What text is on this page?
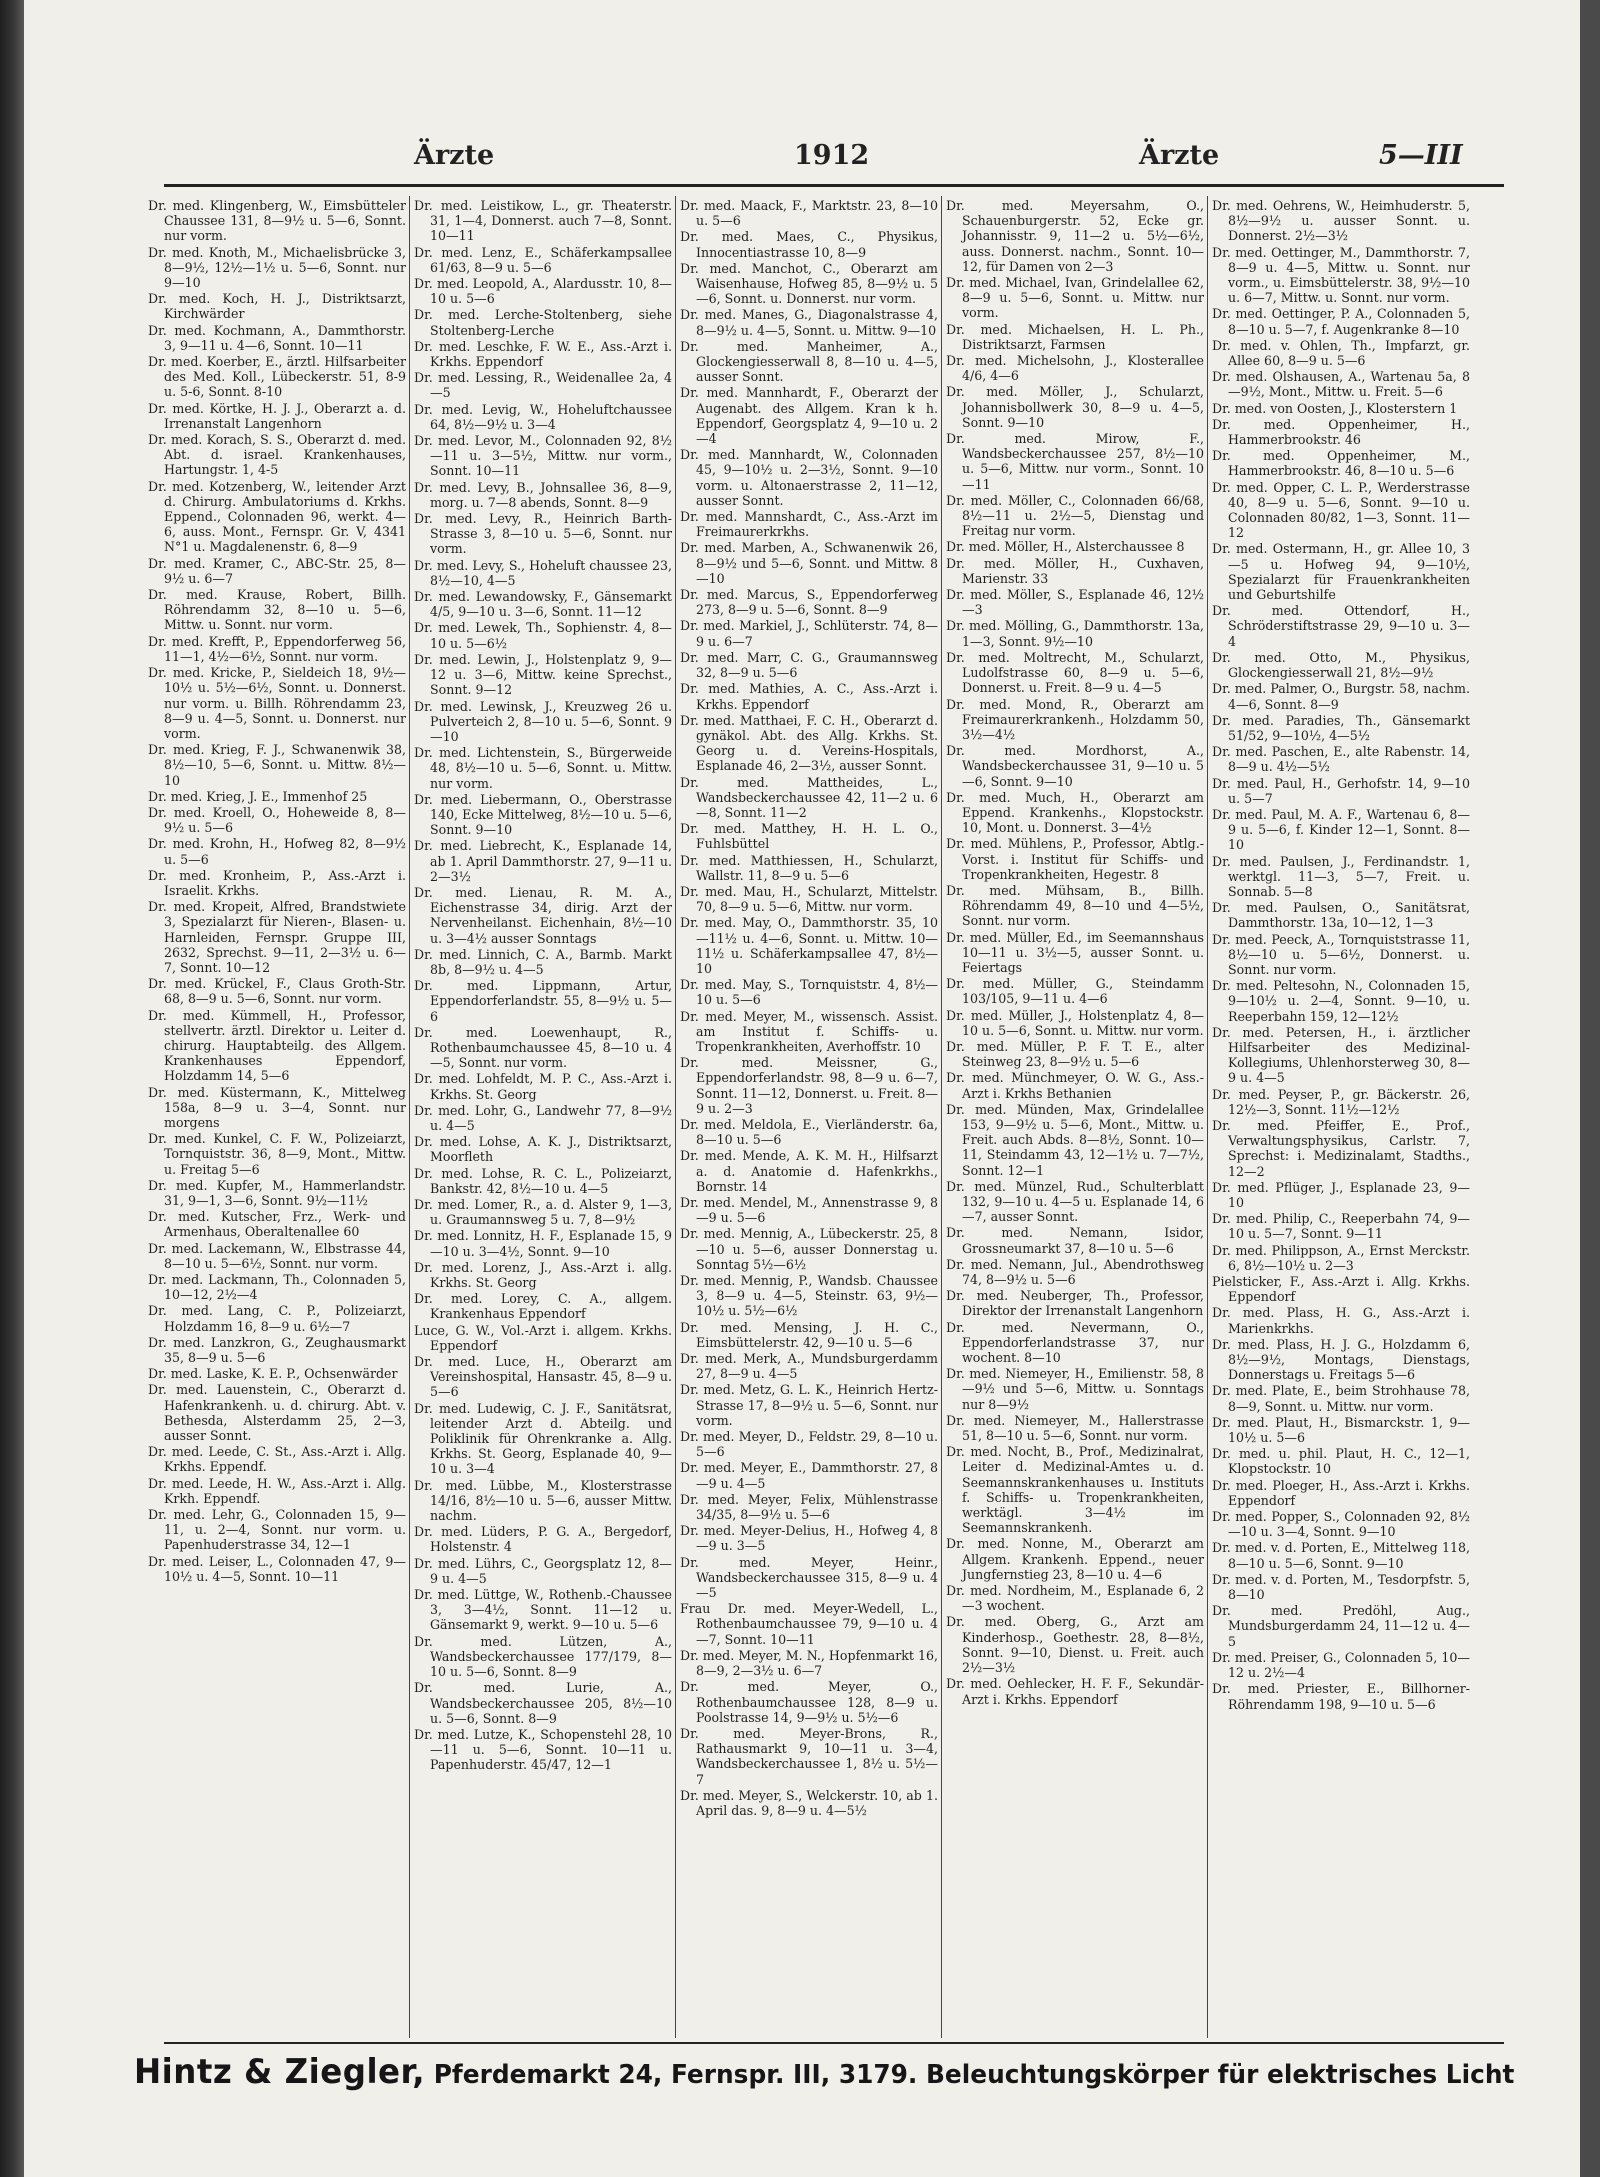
Ärzte	1912	Ärzte	5—III

Dr. med. Klingenberg, W., Eimsbütteler Chaussee 131, 8—9½ u. 5—6, Sonnt. nur vorm.

Dr. med. Knoth, M., Michaelisbrücke 3, 8—9½, 12½—1½ u. 5—6, Sonnt. nur 9—10

Dr. med. Koch, H. J., Distriktsarzt, Kirchwärder

Dr. med. Kochmann, A., Dammthorstr. 3, 9—11 u. 4—6, Sonnt. 10—11

Dr. med. Koerber, E., ärztl. Hilfsarbeiter des Med. Koll., Lübeckerstr. 51, 8-9 u. 5-6, Sonnt. 8-10

Dr. med. Körtke, H. J. J., Oberarzt a. d. Irrenanstalt Langenhorn

Dr. med. Korach, S. S., Oberarzt d. med. Abt. d. israel. Krankenhauses, Hartungstr. 1, 4-5

Dr. med. Kotzenberg, W., leitender Arzt d. Chirurg. Ambulatoriums d. Krkhs. Eppend., Colonnaden 96, werkt. 4—6, auss. Mont., Fernspr. Gr. V, 4341 N°1 u. Magdalenenstr. 6, 8—9

Dr. med. Kramer, C., ABC-Str. 25, 8—9½ u. 6—7

Dr. med. Krause, Robert, Billh. Röhrendamm 32, 8—10 u. 5—6, Mittw. u. Sonnt. nur vorm.

Dr. med. Krefft, P., Eppendorferweg 56, 11—1, 4½—6½, Sonnt. nur vorm.

Dr. med. Kricke, P., Sieldeich 18, 9½—10½ u. 5½—6½, Sonnt. u. Donnerst. nur vorm. u. Billh. Röhrendamm 23, 8—9 u. 4—5, Sonnt. u. Donnerst. nur vorm.

Dr. med. Krieg, F. J., Schwanenwik 38, 8½—10, 5—6, Sonnt. u. Mittw. 8½—10

Dr. med. Krieg, J. E., Immenhof 25

Dr. med. Kroell, O., Hoheweide 8, 8—9½ u. 5—6

Dr. med. Krohn, H., Hofweg 82, 8—9½ u. 5—6

Dr. med. Kronheim, P., Ass.-Arzt i. Israelit. Krkhs.

Dr. med. Kropeit, Alfred, Brandstwiete 3, Spezialarzt für Nieren-, Blasen- u. Harnleiden, Fernspr. Gruppe III, 2632, Sprechst. 9—11, 2—3½ u. 6—7, Sonnt. 10—12

Dr. med. Krückel, F., Claus Groth-Str. 68, 8—9 u. 5—6, Sonnt. nur vorm.

Dr. med. Kümmell, H., Professor, stellvertr. ärztl. Direktor u. Leiter d. chirurg. Hauptabteilg. des Allgem. Krankenhauses Eppendorf, Holzdamm 14, 5—6

Dr. med. Küstermann, K., Mittelweg 158a, 8—9 u. 3—4, Sonnt. nur morgens

Dr. med. Kunkel, C. F. W., Polizeiarzt, Tornquiststr. 36, 8—9, Mont., Mittw. u. Freitag 5—6

Dr. med. Kupfer, M., Hammerlandstr. 31, 9—1, 3—6, Sonnt. 9½—11½

Dr. med. Kutscher, Frz., Werk- und Armenhaus, Oberaltenallee 60

Dr. med. Lackemann, W., Elbstrasse 44, 8—10 u. 5—6½, Sonnt. nur vorm.

Dr. med. Lackmann, Th., Colonnaden 5, 10—12, 2½—4

Dr. med. Lang, C. P., Polizeiarzt, Holzdamm 16, 8—9 u. 6½—7

Dr. med. Lanzkron, G., Zeughausmarkt 35, 8—9 u. 5—6

Dr. med. Laske, K. E. P., Ochsenwärder

Dr. med. Lauenstein, C., Oberarzt d. Hafenkrankenh. u. d. chirurg. Abt. v. Bethesda, Alsterdamm 25, 2—3, ausser Sonnt.

Dr. med. Leede, C. St., Ass.-Arzt i. Allg. Krkhs. Eppendf.

Dr. med. Leede, H. W., Ass.-Arzt i. Allg. Krkh. Eppendf.

Dr. med. Lehr, G., Colonnaden 15, 9—11, u. 2—4, Sonnt. nur vorm. u. Papenhuderstrasse 34, 12—1

Dr. med. Leiser, L., Colonnaden 47, 9—10½ u. 4—5, Sonnt. 10—11

Dr. med. Leistikow, L., gr. Theaterstr. 31, 1—4, Donnerst. auch 7—8, Sonnt. 10—11

Dr. med. Lenz, E., Schäferkampsallee 61/63, 8—9 u. 5—6

Dr. med. Leopold, A., Alardusstr. 10, 8—10 u. 5—6

Dr. med. Lerche-Stoltenberg, siehe Stoltenberg-Lerche

Dr. med. Leschke, F. W. E., Ass.-Arzt i. Krkhs. Eppendorf

Dr. med. Lessing, R., Weidenallee 2a, 4—5

Dr. med. Levig, W., Hoheluftchaussee 64, 8½—9½ u. 3—4

Dr. med. Levor, M., Colonnaden 92, 8½—11 u. 3—5½, Mittw. nur vorm., Sonnt. 10—11

Dr. med. Levy, B., Johnsallee 36, 8—9, morg. u. 7—8 abends, Sonnt. 8—9

Dr. med. Levy, R., Heinrich Barth-Strasse 3, 8—10 u. 5—6, Sonnt. nur vorm.

Dr. med. Levy, S., Hoheluft chaussee 23, 8½—10, 4—5

Dr. med. Lewandowsky, F., Gänsemarkt 4/5, 9—10 u. 3—6, Sonnt. 11—12

Dr. med. Lewek, Th., Sophienstr. 4, 8—10 u. 5—6½

Dr. med. Lewin, J., Holstenplatz 9, 9—12 u. 3—6, Mittw. keine Sprechst., Sonnt. 9—12

Dr. med. Lewinsk, J., Kreuzweg 26 u. Pulverteich 2, 8—10 u. 5—6, Sonnt. 9—10

Dr. med. Lichtenstein, S., Bürgerweide 48, 8½—10 u. 5—6, Sonnt. u. Mittw. nur vorm.

Dr. med. Liebermann, O., Oberstrasse 140, Ecke Mittelweg, 8½—10 u. 5—6, Sonnt. 9—10

Dr. med. Liebrecht, K., Esplanade 14, ab 1. April Dammthorstr. 27, 9—11 u. 2—3½

Dr. med. Lienau, R. M. A., Eichenstrasse 34, dirig. Arzt der Nervenheilanst. Eichenhain, 8½—10 u. 3—4½ ausser Sonntags

Dr. med. Linnich, C. A., Barmb. Markt 8b, 8—9½ u. 4—5

Dr. med. Lippmann, Artur, Eppendorferlandstr. 55, 8—9½ u. 5—6

Dr. med. Loewenhaupt, R., Rothenbaumchaussee 45, 8—10 u. 4—5, Sonnt. nur vorm.

Dr. med. Lohfeldt, M. P. C., Ass.-Arzt i. Krkhs. St. Georg

Dr. med. Lohr, G., Landwehr 77, 8—9½ u. 4—5

Dr. med. Lohse, A. K. J., Distriktsarzt, Moorfleth

Dr. med. Lohse, R. C. L., Polizeiarzt, Bankstr. 42, 8½—10 u. 4—5

Dr. med. Lomer, R., a. d. Alster 9, 1—3, u. Graumannsweg 5 u. 7, 8—9½

Dr. med. Lonnitz, H. F., Esplanade 15, 9—10 u. 3—4½, Sonnt. 9—10

Dr. med. Lorenz, J., Ass.-Arzt i. allg. Krkhs. St. Georg

Dr. med. Lorey, C. A., allgem. Krankenhaus Eppendorf

Luce, G. W., Vol.-Arzt i. allgem. Krkhs. Eppendorf

Dr. med. Luce, H., Oberarzt am Vereinshospital, Hansastr. 45, 8—9 u. 5—6

Dr. med. Ludewig, C. J. F., Sanitätsrat, leitender Arzt d. Abteilg. und Poliklinik für Ohrenkranke a. Allg. Krkhs. St. Georg, Esplanade 40, 9—10 u. 3—4

Dr. med. Lübbe, M., Klosterstrasse 14/16, 8½—10 u. 5—6, ausser Mittw. nachm.

Dr. med. Lüders, P. G. A., Bergedorf, Holstenstr. 4

Dr. med. Lührs, C., Georgsplatz 12, 8—9 u. 4—5

Dr. med. Lüttge, W., Rothenb.-Chaussee 3, 3—4½, Sonnt. 11—12 u. Gänsemarkt 9, werkt. 9—10 u. 5—6

Dr. med. Lützen, A., Wandsbeckerchaussee 177/179, 8—10 u. 5—6, Sonnt. 8—9

Dr. med. Lurie, A., Wandsbeckerchaussee 205, 8½—10 u. 5—6, Sonnt. 8—9

Dr. med. Lutze, K., Schopenstehl 28, 10—11 u. 5—6, Sonnt. 10—11 u. Papenhuderstr. 45/47, 12—1

Dr. med. Maack, F., Marktstr. 23, 8—10 u. 5—6

Dr. med. Maes, C., Physikus, Innocentiastrasse 10, 8—9

Dr. med. Manchot, C., Oberarzt am Waisenhause, Hofweg 85, 8—9½ u. 5—6, Sonnt. u. Donnerst. nur vorm.

Dr. med. Manes, G., Diagonalstrasse 4, 8—9½ u. 4—5, Sonnt. u. Mittw. 9—10

Dr. med. Manheimer, A., Glockengiesserwall 8, 8—10 u. 4—5, ausser Sonnt.

Dr. med. Mannhardt, F., Oberarzt der Augenabt. des Allgem. Kran k h. Eppendorf, Georgsplatz 4, 9—10 u. 2—4

Dr. med. Mannhardt, W., Colonnaden 45, 9—10½ u. 2—3½, Sonnt. 9—10 vorm. u. Altonaerstrasse 2, 11—12, ausser Sonnt.

Dr. med. Mannshardt, C., Ass.-Arzt im Freimaurerkrkhs.

Dr. med. Marben, A., Schwanenwik 26, 8—9½ und 5—6, Sonnt. und Mittw. 8—10

Dr. med. Marcus, S., Eppendorferweg 273, 8—9 u. 5—6, Sonnt. 8—9

Dr. med. Markiel, J., Schlüterstr. 74, 8—9 u. 6—7

Dr. med. Marr, C. G., Graumannsweg 32, 8—9 u. 5—6

Dr. med. Mathies, A. C., Ass.-Arzt i. Krkhs. Eppendorf

Dr. med. Matthaei, F. C. H., Oberarzt d. gynäkol. Abt. des Allg. Krkhs. St. Georg u. d. Vereins-Hospitals, Esplanade 46, 2—3½, ausser Sonnt.

Dr. med. Mattheides, L., Wandsbeckerchaussee 42, 11—2 u. 6—8, Sonnt. 11—2

Dr. med. Matthey, H. H. L. O., Fuhlsbüttel

Dr. med. Matthiessen, H., Schularzt, Wallstr. 11, 8—9 u. 5—6

Dr. med. Mau, H., Schularzt, Mittelstr. 70, 8—9 u. 5—6, Mittw. nur vorm.

Dr. med. May, O., Dammthorstr. 35, 10—11½ u. 4—6, Sonnt. u. Mittw. 10—11½ u. Schäferkampsallee 47, 8½—10

Dr. med. May, S., Tornquiststr. 4, 8½—10 u. 5—6

Dr. med. Meyer, M., wissensch. Assist. am Institut f. Schiffs- u. Tropenkrankheiten, Averhoffstr. 10

Dr. med. Meissner, G., Eppendorferlandstr. 98, 8—9 u. 6—7, Sonnt. 11—12, Donnerst. u. Freit. 8—9 u. 2—3

Dr. med. Meldola, E., Vierländerstr. 6a, 8—10 u. 5—6

Dr. med. Mende, A. K. M. H., Hilfsarzt a. d. Anatomie d. Hafenkrkhs., Bornstr. 14

Dr. med. Mendel, M., Annenstrasse 9, 8—9 u. 5—6

Dr. med. Mennig, A., Lübeckerstr. 25, 8—10 u. 5—6, ausser Donnerstag u. Sonntag 5½—6½

Dr. med. Mennig, P., Wandsb. Chaussee 3, 8—9 u. 4—5, Steinstr. 63, 9½—10½ u. 5½—6½

Dr. med. Mensing, J. H. C., Eimsbüttelerstr. 42, 9—10 u. 5—6

Dr. med. Merk, A., Mundsburgerdamm 27, 8—9 u. 4—5

Dr. med. Metz, G. L. K., Heinrich Hertz-Strasse 17, 8—9½ u. 5—6, Sonnt. nur vorm.

Dr. med. Meyer, D., Feldstr. 29, 8—10 u. 5—6

Dr. med. Meyer, E., Dammthorstr. 27, 8—9 u. 4—5

Dr. med. Meyer, Felix, Mühlenstrasse 34/35, 8—9½ u. 5—6

Dr. med. Meyer-Delius, H., Hofweg 4, 8—9 u. 3—5

Dr. med. Meyer, Heinr., Wandsbeckerchaussee 315, 8—9 u. 4—5

Frau Dr. med. Meyer-Wedell, L., Rothenbaumchaussee 79, 9—10 u. 4—7, Sonnt. 10—11

Dr. med. Meyer, M. N., Hopfenmarkt 16, 8—9, 2—3½ u. 6—7

Dr. med. Meyer, O., Rothenbaumchaussee 128, 8—9 u. Poolstrasse 14, 9—9½ u. 5½—6

Dr. med. Meyer-Brons, R., Rathausmarkt 9, 10—11 u. 3—4, Wandsbeckerchaussee 1, 8½ u. 5½—7

Dr. med. Meyer, S., Welckerstr. 10, ab 1. April das. 9, 8—9 u. 4—5½

Dr. med. Meyersahm, O., Schauenburgerstr. 52, Ecke gr. Johannisstr. 9, 11—2 u. 5½—6½, auss. Donnerst. nachm., Sonnt. 10—12, für Damen von 2—3

Dr. med. Michael, Ivan, Grindelallee 62, 8—9 u. 5—6, Sonnt. u. Mittw. nur vorm.

Dr. med. Michaelsen, H. L. Ph., Distriktsarzt, Farmsen

Dr. med. Michelsohn, J., Klosterallee 4/6, 4—6

Dr. med. Möller, J., Schularzt, Johannisbollwerk 30, 8—9 u. 4—5, Sonnt. 9—10

Dr. med. Mirow, F., Wandsbeckerchaussee 257, 8½—10 u. 5—6, Mittw. nur vorm., Sonnt. 10—11

Dr. med. Möller, C., Colonnaden 66/68, 8½—11 u. 2½—5, Dienstag und Freitag nur vorm.

Dr. med. Möller, H., Alsterchaussee 8

Dr. med. Möller, H., Cuxhaven, Marienstr. 33

Dr. med. Möller, S., Esplanade 46, 12½—3

Dr. med. Mölling, G., Dammthorstr. 13a, 1—3, Sonnt. 9½—10

Dr. med. Moltrecht, M., Schularzt, Ludolfstrasse 60, 8—9 u. 5—6, Donnerst. u. Freit. 8—9 u. 4—5

Dr. med. Mond, R., Oberarzt am Freimaurerkrankenh., Holzdamm 50, 3½—4½

Dr. med. Mordhorst, A., Wandsbeckerchaussee 31, 9—10 u. 5—6, Sonnt. 9—10

Dr. med. Much, H., Oberarzt am Eppend. Krankenhs., Klopstockstr. 10, Mont. u. Donnerst. 3—4½

Dr. med. Mühlens, P., Professor, Abtlg.-Vorst. i. Institut für Schiffs- und Tropenkrankheiten, Hegestr. 8

Dr. med. Mühsam, B., Billh. Röhrendamm 49, 8—10 und 4—5½, Sonnt. nur vorm.

Dr. med. Müller, Ed., im Seemannshaus 10—11 u. 3½—5, ausser Sonnt. u. Feiertags

Dr. med. Müller, G., Steindamm 103/105, 9—11 u. 4—6

Dr. med. Müller, J., Holstenplatz 4, 8—10 u. 5—6, Sonnt. u. Mittw. nur vorm.

Dr. med. Müller, P. F. T. E., alter Steinweg 23, 8—9½ u. 5—6

Dr. med. Münchmeyer, O. W. G., Ass.-Arzt i. Krkhs Bethanien

Dr. med. Münden, Max, Grindelallee 153, 9—9½ u. 5—6, Mont., Mittw. u. Freit. auch Abds. 8—8½, Sonnt. 10—11, Steindamm 43, 12—1½ u. 7—7½, Sonnt. 12—1

Dr. med. Münzel, Rud., Schulterblatt 132, 9—10 u. 4—5 u. Esplanade 14, 6—7, ausser Sonnt.

Dr. med. Nemann, Isidor, Grossneumarkt 37, 8—10 u. 5—6

Dr. med. Nemann, Jul., Abendrothsweg 74, 8—9½ u. 5—6

Dr. med. Neuberger, Th., Professor, Direktor der Irrenanstalt Langenhorn

Dr. med. Nevermann, O., Eppendorferlandstrasse 37, nur wochent. 8—10

Dr. med. Niemeyer, H., Emilienstr. 58, 8—9½ und 5—6, Mittw. u. Sonntags nur 8—9½

Dr. med. Niemeyer, M., Hallerstrasse 51, 8—10 u. 5—6, Sonnt. nur vorm.

Dr. med. Nocht, B., Prof., Medizinalrat, Leiter d. Medizinal-Amtes u. d. Seemannskrankenhauses u. Instituts f. Schiffs- u. Tropenkrankheiten, werktägl. 3—4½ im Seemannskrankenh.

Dr. med. Nonne, M., Oberarzt am Allgem. Krankenh. Eppend., neuer Jungfernstieg 23, 8—10 u. 4—6

Dr. med. Nordheim, M., Esplanade 6, 2—3 wochent.

Dr. med. Oberg, G., Arzt am Kinderhosp., Goethestr. 28, 8—8½, Sonnt. 9—10, Dienst. u. Freit. auch 2½—3½

Dr. med. Oehlecker, H. F. F., Sekundär-Arzt i. Krkhs. Eppendorf

Dr. med. Oehrens, W., Heimhuderstr. 5, 8½—9½ u. ausser Sonnt. u. Donnerst. 2½—3½

Dr. med. Oettinger, M., Dammthorstr. 7, 8—9 u. 4—5, Mittw. u. Sonnt. nur vorm., u. Eimsbüttelerstr. 38, 9½—10 u. 6—7, Mittw. u. Sonnt. nur vorm.

Dr. med. Oettinger, P. A., Colonnaden 5, 8—10 u. 5—7, f. Augenkranke 8—10

Dr. med. v. Ohlen, Th., Impfarzt, gr. Allee 60, 8—9 u. 5—6

Dr. med. Olshausen, A., Wartenau 5a, 8—9½, Mont., Mittw. u. Freit. 5—6

Dr. med. von Oosten, J., Klosterstern 1

Dr. med. Oppenheimer, H., Hammerbrookstr. 46

Dr. med. Oppenheimer, M., Hammerbrookstr. 46, 8—10 u. 5—6

Dr. med. Opper, C. L. P., Werderstrasse 40, 8—9 u. 5—6, Sonnt. 9—10 u. Colonnaden 80/82, 1—3, Sonnt. 11—12

Dr. med. Ostermann, H., gr. Allee 10, 3—5 u. Hofweg 94, 9—10½, Spezialarzt für Frauenkrankheiten und Geburtshilfe

Dr. med. Ottendorf, H., Schröderstiftstrasse 29, 9—10 u. 3—4

Dr. med. Otto, M., Physikus, Glockengiesserwall 21, 8½—9½

Dr. med. Palmer, O., Burgstr. 58, nachm. 4—6, Sonnt. 8—9

Dr. med. Paradies, Th., Gänsemarkt 51/52, 9—10½, 4—5½

Dr. med. Paschen, E., alte Rabenstr. 14, 8—9 u. 4½—5½

Dr. med. Paul, H., Gerhofstr. 14, 9—10 u. 5—7

Dr. med. Paul, M. A. F., Wartenau 6, 8—9 u. 5—6, f. Kinder 12—1, Sonnt. 8—10

Dr. med. Paulsen, J., Ferdinandstr. 1, werktgl. 11—3, 5—7, Freit. u. Sonnab. 5—8

Dr. med. Paulsen, O., Sanitätsrat, Dammthorstr. 13a, 10—12, 1—3

Dr. med. Peeck, A., Tornquiststrasse 11, 8½—10 u. 5—6½, Donnerst. u. Sonnt. nur vorm.

Dr. med. Peltesohn, N., Colonnaden 15, 9—10½ u. 2—4, Sonnt. 9—10, u. Reeperbahn 159, 12—12½

Dr. med. Petersen, H., i. ärztlicher Hilfsarbeiter des Medizinal-Kollegiums, Uhlenhorsterweg 30, 8—9 u. 4—5

Dr. med. Peyser, P., gr. Bäckerstr. 26, 12½—3, Sonnt. 11½—12½

Dr. med. Pfeiffer, E., Prof., Verwaltungsphysikus, Carlstr. 7, Sprechst: i. Medizinalamt, Stadths., 12—2

Dr. med. Pflüger, J., Esplanade 23, 9—10

Dr. med. Philip, C., Reeperbahn 74, 9—10 u. 5—7, Sonnt. 9—11

Dr. med. Philippson, A., Ernst Merckstr. 6, 8½—10½ u. 2—3

Pielsticker, F., Ass.-Arzt i. Allg. Krkhs. Eppendorf

Dr. med. Plass, H. G., Ass.-Arzt i. Marienkrkhs.

Dr. med. Plass, H. J. G., Holzdamm 6, 8½—9½, Montags, Dienstags, Donnerstags u. Freitags 5—6

Dr. med. Plate, E., beim Strohhause 78, 8—9, Sonnt. u. Mittw. nur vorm.

Dr. med. Plaut, H., Bismarckstr. 1, 9—10½ u. 5—6

Dr. med. u. phil. Plaut, H. C., 12—1, Klopstockstr. 10

Dr. med. Ploeger, H., Ass.-Arzt i. Krkhs. Eppendorf

Dr. med. Popper, S., Colonnaden 92, 8½—10 u. 3—4, Sonnt. 9—10

Dr. med. v. d. Porten, E., Mittelweg 118, 8—10 u. 5—6, Sonnt. 9—10

Dr. med. v. d. Porten, M., Tesdorpfstr. 5, 8—10

Dr. med. Predöhl, Aug., Mundsburgerdamm 24, 11—12 u. 4—5

Dr. med. Preiser, G., Colonnaden 5, 10—12 u. 2½—4

Dr. med. Priester, E., Billhorner-Röhrendamm 198, 9—10 u. 5—6

Hintz & Ziegler, Pferdemarkt 24, Fernspr. III, 3179. Beleuchtungskörper für elektrisches Licht
